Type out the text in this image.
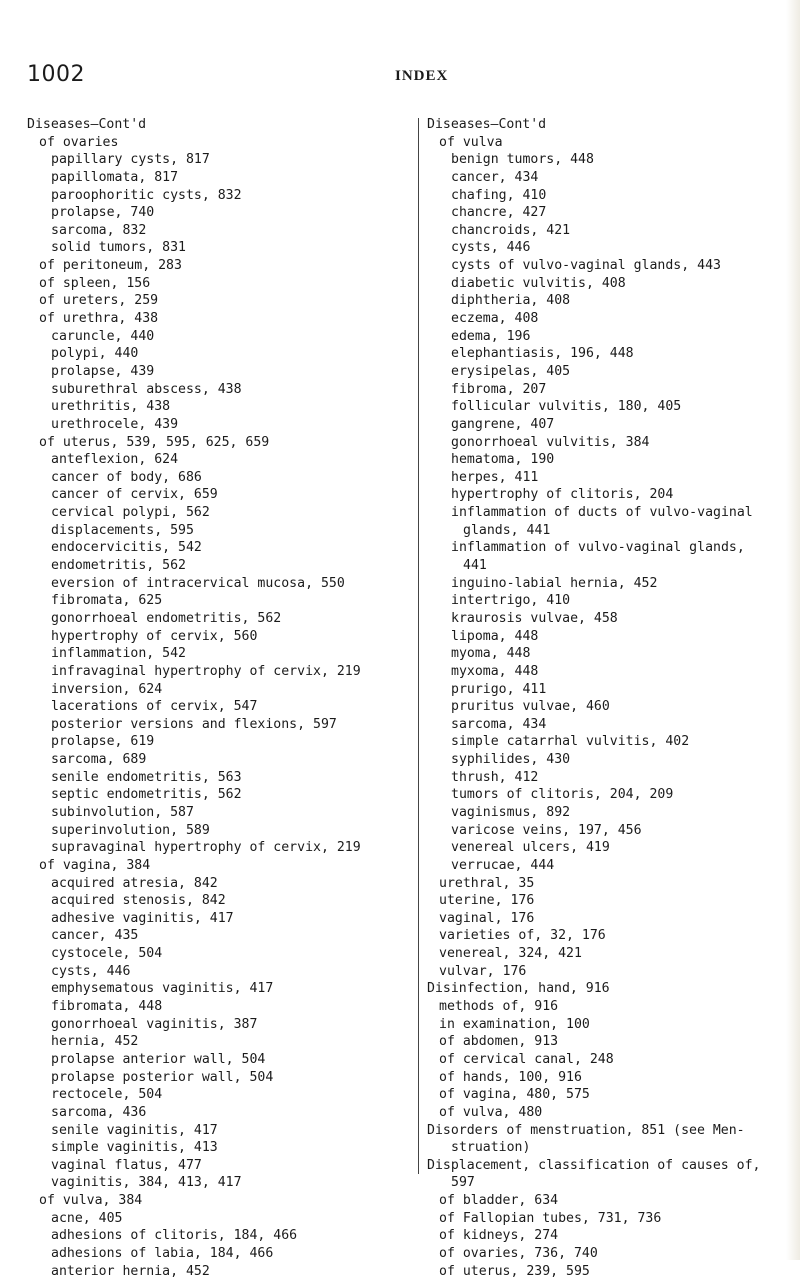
1002	INDEX
Diseases—Cont'd
of ovaries
papillary cysts, 817
papillomata, 817
paroophoritic cysts, 832
prolapse, 740
sarcoma, 832
solid tumors, 831
of peritoneum, 283
of spleen, 156
of ureters, 259
of urethra, 438
caruncle, 440
polypi, 440
prolapse, 439
suburethral abscess, 438
urethritis, 438
urethrocele, 439
of uterus, 539, 595, 625, 659
anteflexion, 624
cancer of body, 686
cancer of cervix, 659
cervical polypi, 562
displacements, 595
endocervicitis, 542
endometritis, 562
eversion of intracervical mucosa, 550
fibromata, 625
gonorrhoeal endometritis, 562
hypertrophy of cervix, 560
inflammation, 542
infravaginal hypertrophy of cervix, 219
inversion, 624
lacerations of cervix, 547
posterior versions and flexions, 597
prolapse, 619
sarcoma, 689
senile endometritis, 563
septic endometritis, 562
subinvolution, 587
superinvolution, 589
supravaginal hypertrophy of cervix, 219
of vagina, 384
acquired atresia, 842
acquired stenosis, 842
adhesive vaginitis, 417
cancer, 435
cystocele, 504
cysts, 446
emphysematous vaginitis, 417
fibromata, 448
gonorrhoeal vaginitis, 387
hernia, 452
prolapse anterior wall, 504
prolapse posterior wall, 504
rectocele, 504
sarcoma, 436
senile vaginitis, 417
simple vaginitis, 413
vaginal flatus, 477
vaginitis, 384, 413, 417
of vulva, 384
acne, 405
adhesions of clitoris, 184, 466
adhesions of labia, 184, 466
anterior hernia, 452
Diseases—Cont'd
of vulva
benign tumors, 448
cancer, 434
chafing, 410
chancre, 427
chancroids, 421
cysts, 446
cysts of vulvo-vaginal glands, 443
diabetic vulvitis, 408
diphtheria, 408
eczema, 408
edema, 196
elephantiasis, 196, 448
erysipelas, 405
fibroma, 207
follicular vulvitis, 180, 405
gangrene, 407
gonorrhoeal vulvitis, 384
hematoma, 190
herpes, 411
hypertrophy of clitoris, 204
inflammation of ducts of vulvo-vaginal
glands, 441
inflammation of vulvo-vaginal glands,
441
inguino-labial hernia, 452
intertrigo, 410
kraurosis vulvae, 458
lipoma, 448
myoma, 448
myxoma, 448
prurigo, 411
pruritus vulvae, 460
sarcoma, 434
simple catarrhal vulvitis, 402
syphilides, 430
thrush, 412
tumors of clitoris, 204, 209
vaginismus, 892
varicose veins, 197, 456
venereal ulcers, 419
verrucae, 444
urethral, 35
uterine, 176
vaginal, 176
varieties of, 32, 176
venereal, 324, 421
vulvar, 176
Disinfection, hand, 916
methods of, 916
in examination, 100
of abdomen, 913
of cervical canal, 248
of hands, 100, 916
of vagina, 480, 575
of vulva, 480
Disorders of menstruation, 851 (see Men-
struation)
Displacement, classification of causes of,
597
of bladder, 634
of Fallopian tubes, 731, 736
of kidneys, 274
of ovaries, 736, 740
of uterus, 239, 595
